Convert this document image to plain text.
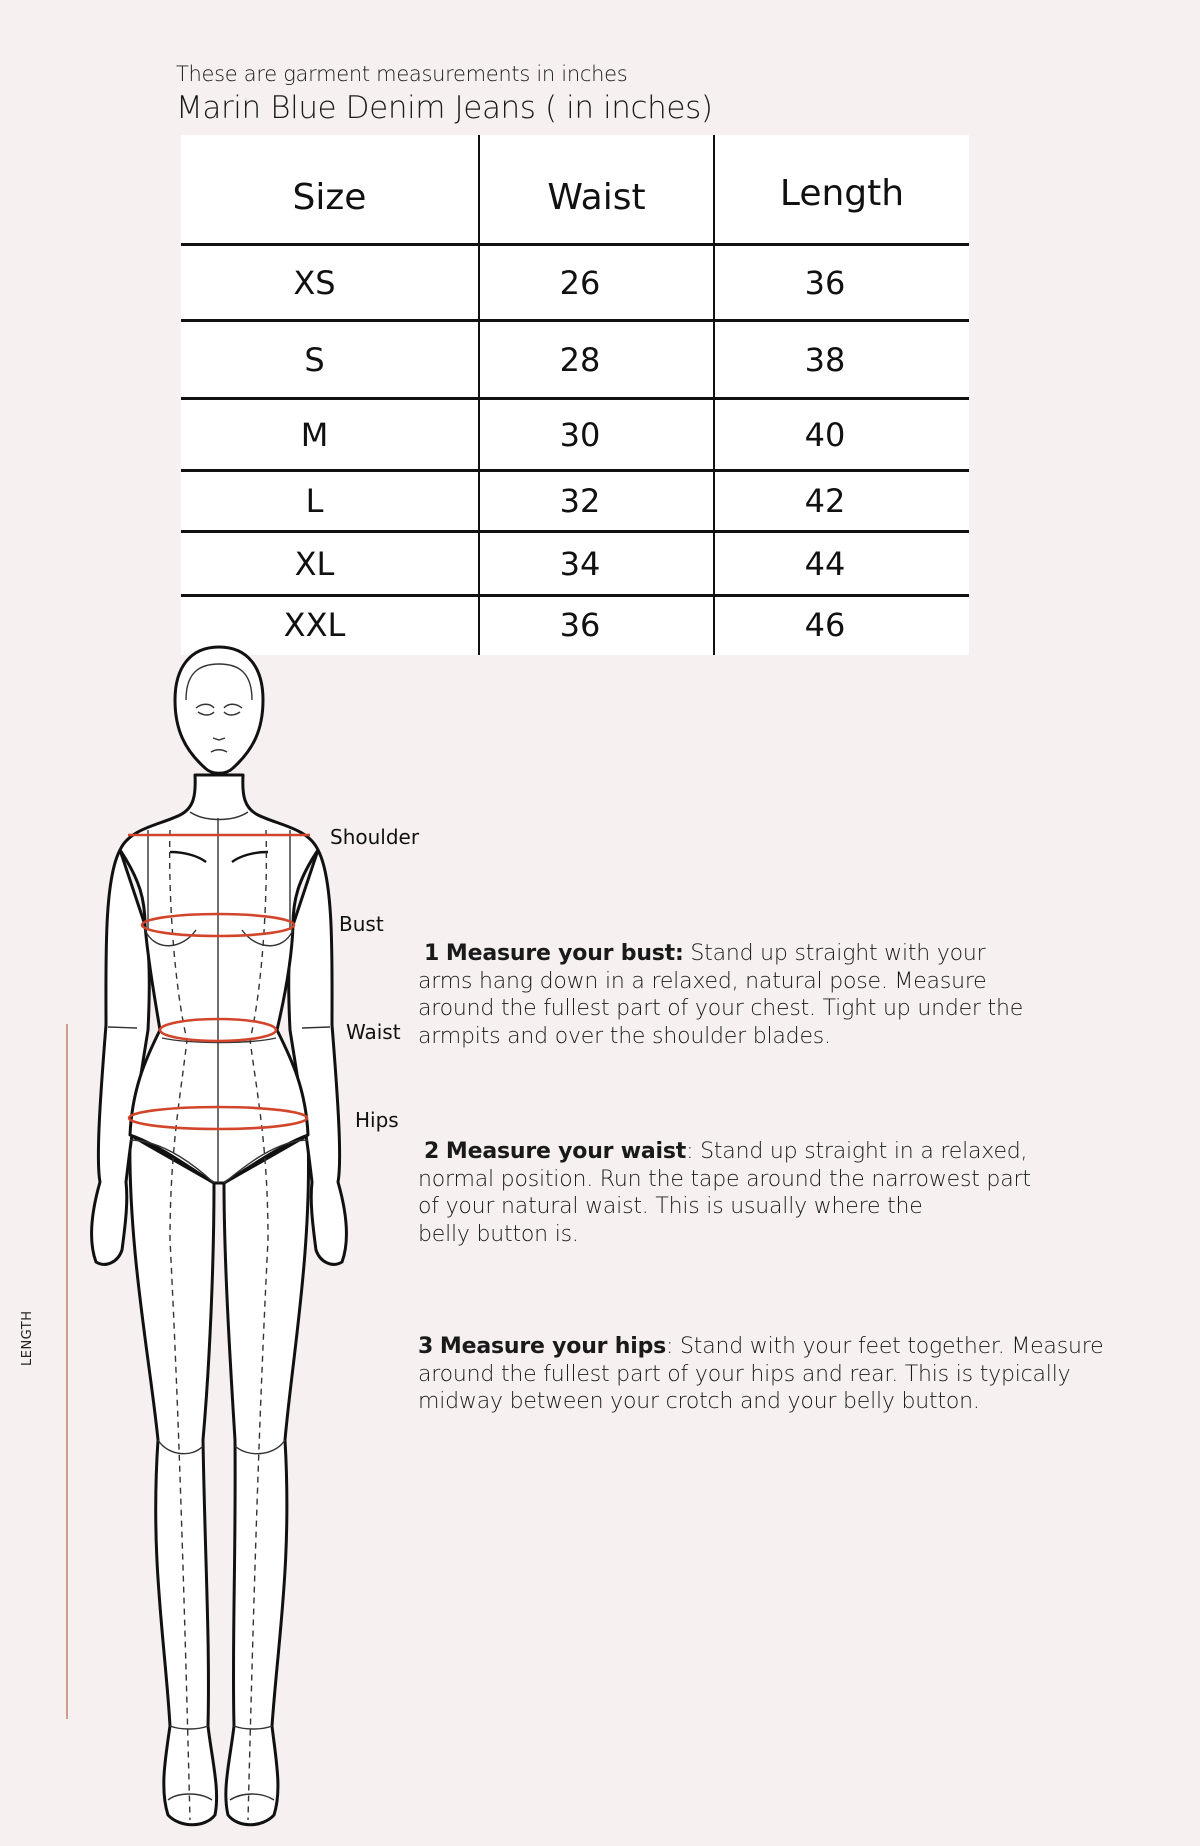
These are garment measurements in inches
Marin Blue Denim Jeans ( in inches)
Size	Waist	Length
XS	26	36
S	28	38
M	30	40
L	32	42
XL	34	44
XXL	36	46
Shoulder
Bust
Waist
Hips
LENGTH
1 Measure your bust: Stand up straight with your
arms hang down in a relaxed, natural pose. Measure
around the fullest part of your chest. Tight up under the
armpits and over the shoulder blades.
2 Measure your waist: Stand up straight in a relaxed,
normal position. Run the tape around the narrowest part
of your natural waist. This is usually where the
belly button is.
3 Measure your hips: Stand with your feet together. Measure
around the fullest part of your hips and rear. This is typically
midway between your crotch and your belly button.
